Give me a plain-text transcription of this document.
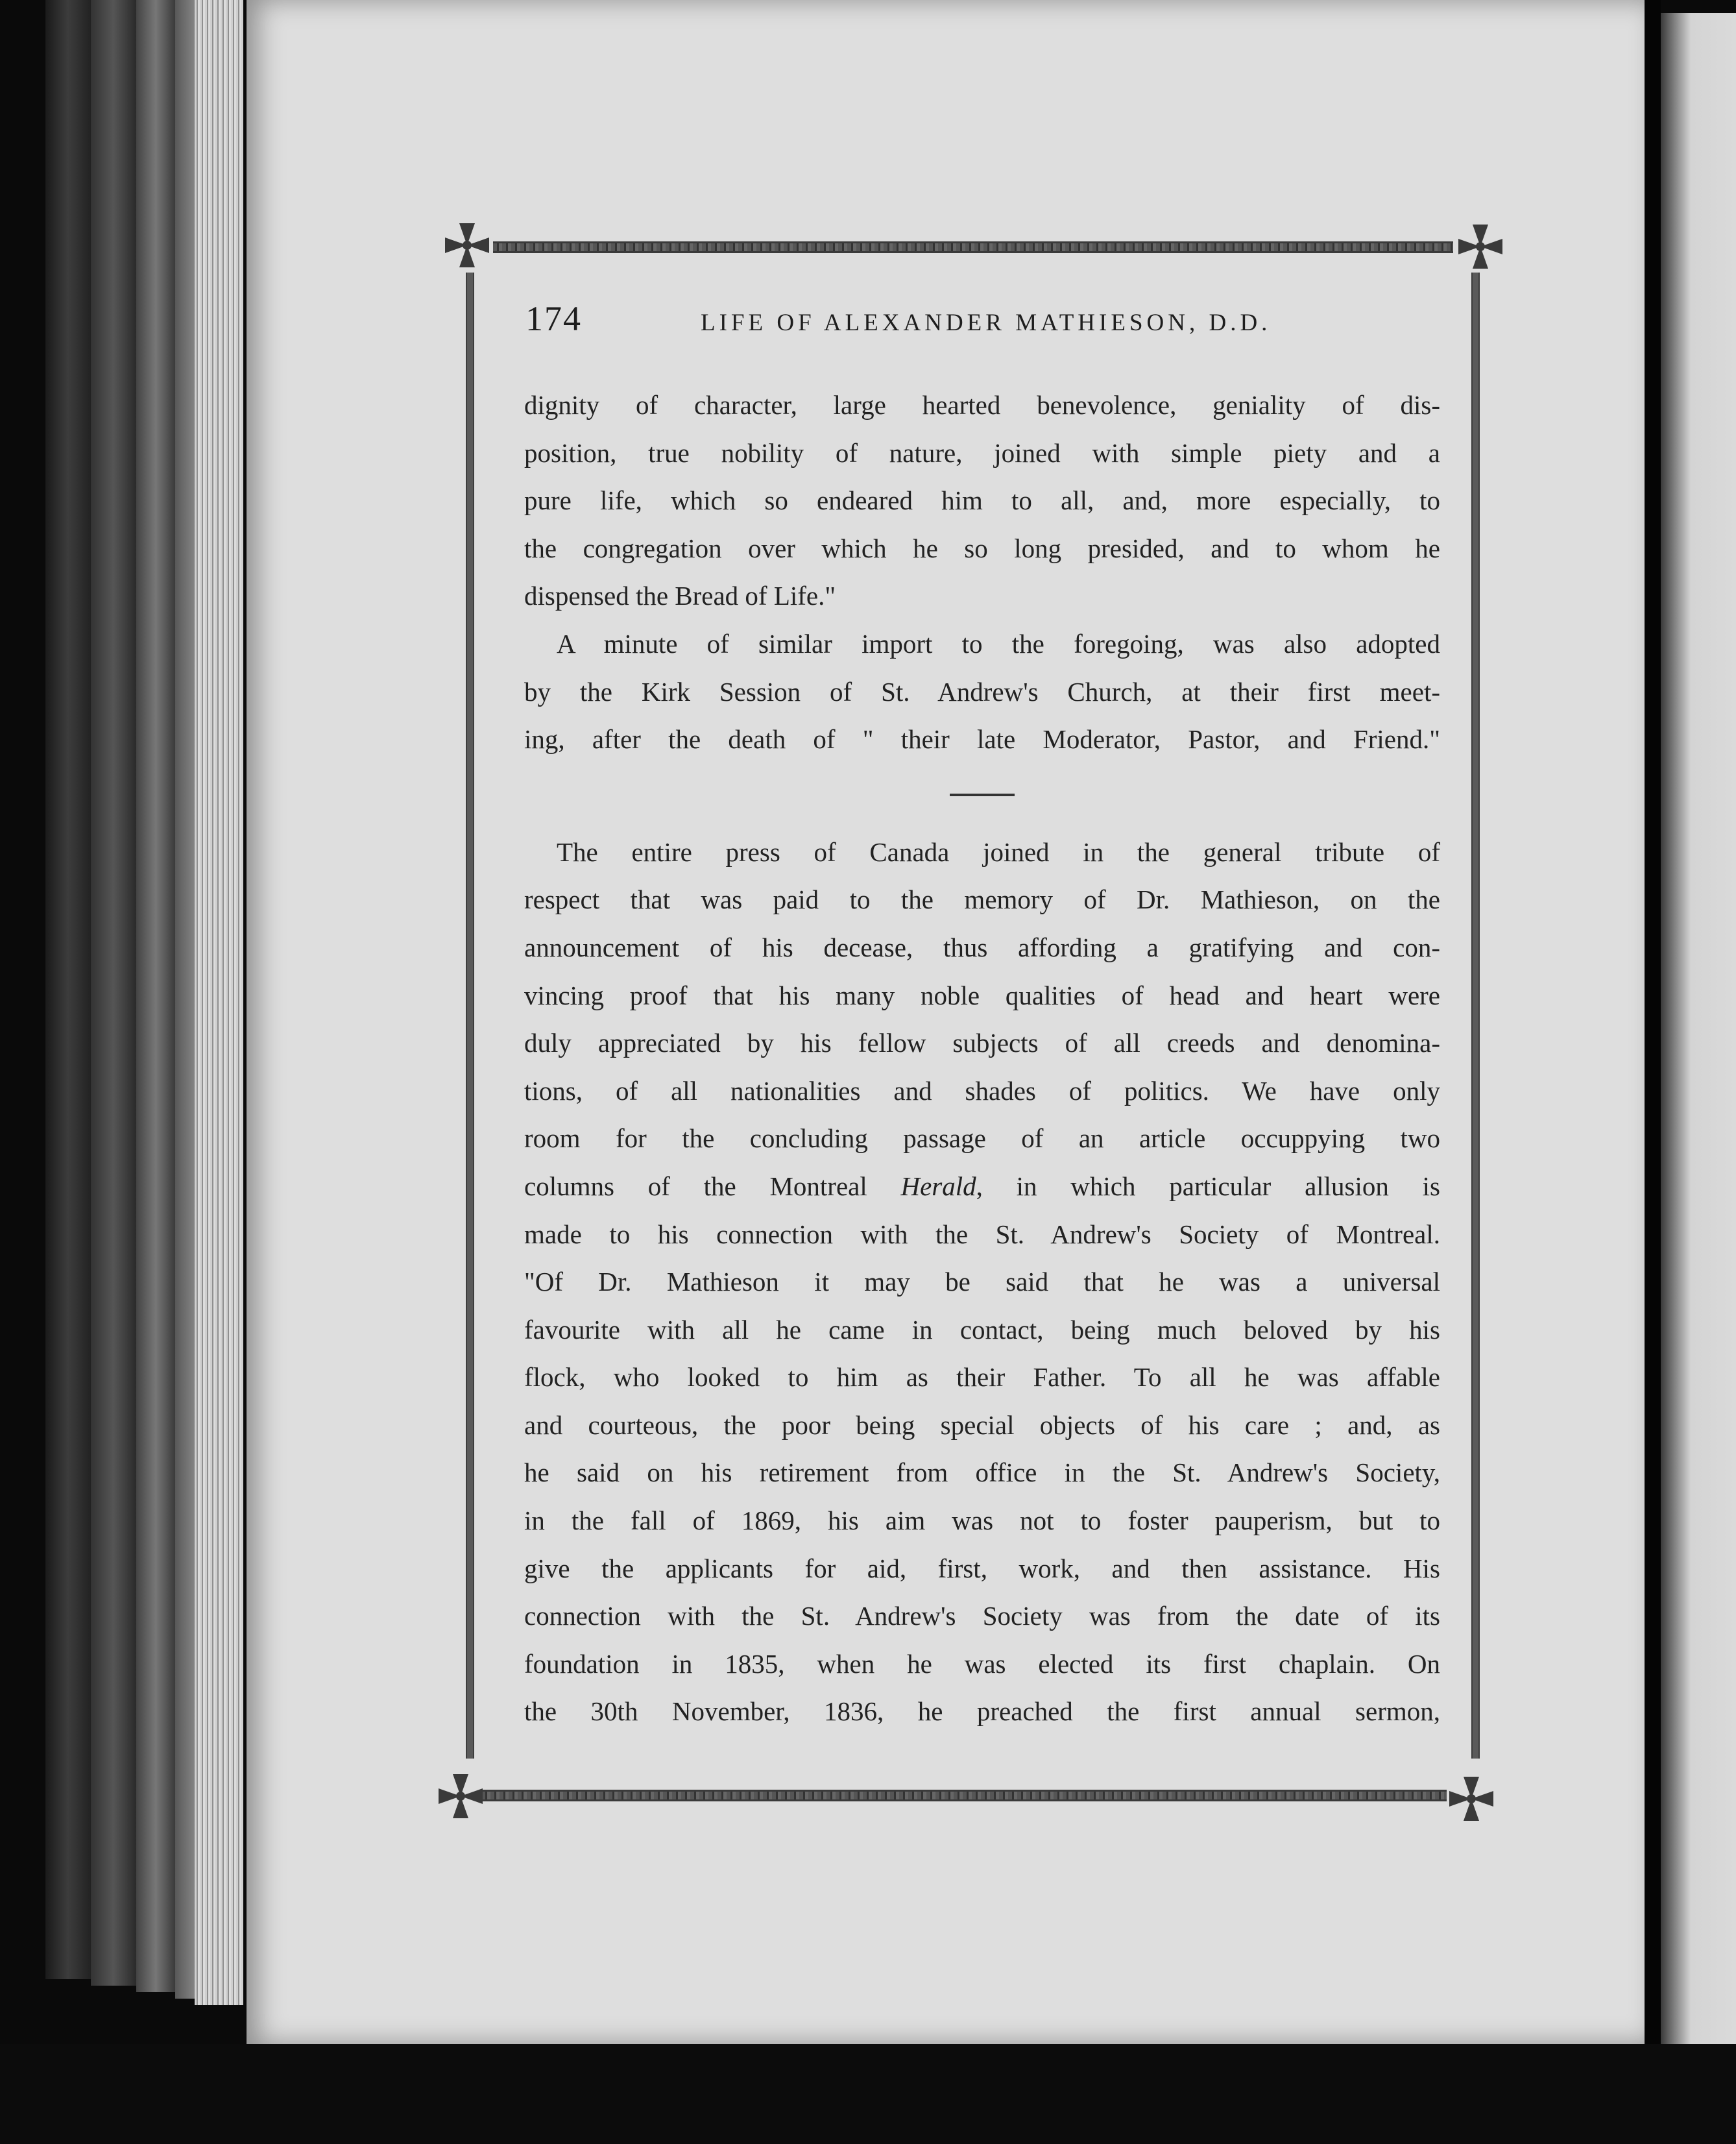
174	LIFE OF ALEXANDER MATHIESON, D.D.

dignity of character, large hearted benevolence, geniality of dis-
position, true nobility of nature, joined with simple piety and a
pure life, which so endeared him to all, and, more especially, to
the congregation over which he so long presided, and to whom he
dispensed the Bread of Life."

A minute of similar import to the foregoing, was also adopted
by the Kirk Session of St. Andrew's Church, at their first meet-
ing, after the death of " their late Moderator, Pastor, and Friend."

The entire press of Canada joined in the general tribute of
respect that was paid to the memory of Dr. Mathieson, on the
announcement of his decease, thus affording a gratifying and con-
vincing proof that his many noble qualities of head and heart were
duly appreciated by his fellow subjects of all creeds and denomina-
tions, of all nationalities and shades of politics. We have only
room for the concluding passage of an article occuppying two
columns of the Montreal Herald, in which particular allusion is
made to his connection with the St. Andrew's Society of Montreal.
"Of Dr. Mathieson it may be said that he was a universal
favourite with all he came in contact, being much beloved by his
flock, who looked to him as their Father. To all he was affable
and courteous, the poor being special objects of his care ; and, as
he said on his retirement from office in the St. Andrew's Society,
in the fall of 1869, his aim was not to foster pauperism, but to
give the applicants for aid, first, work, and then assistance. His
connection with the St. Andrew's Society was from the date of its
foundation in 1835, when he was elected its first chaplain. On
the 30th November, 1836, he preached the first annual sermon,
